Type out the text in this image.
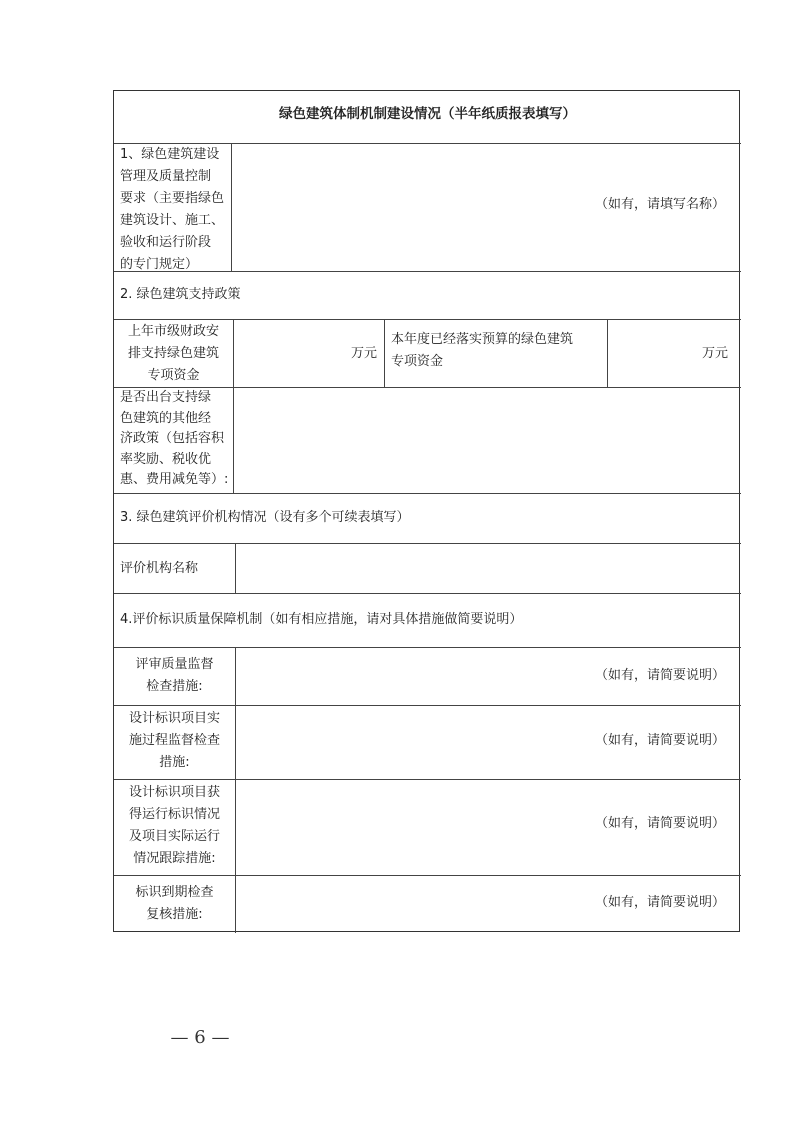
绿色建筑体制机制建设情况（半年纸质报表填写）
1、绿色建筑建设
管理及质量控制
要求（主要指绿色
建筑设计、施工、
验收和运行阶段
的专门规定）
（如有，请填写名称）
2. 绿色建筑支持政策
上年市级财政安
排支持绿色建筑
专项资金
万元
本年度已经落实预算的绿色建筑
专项资金
万元
是否出台支持绿
色建筑的其他经
济政策（包括容积
率奖励、税收优
惠、费用减免等）:
3. 绿色建筑评价机构情况（设有多个可续表填写）
评价机构名称
4.评价标识质量保障机制（如有相应措施，请对具体措施做简要说明）
评审质量监督
检查措施:
（如有，请简要说明）
设计标识项目实
施过程监督检查
措施:
（如有，请简要说明）
设计标识项目获
得运行标识情况
及项目实际运行
情况跟踪措施:
（如有，请简要说明）
标识到期检查
复核措施:
（如有，请简要说明）
— 6 —
